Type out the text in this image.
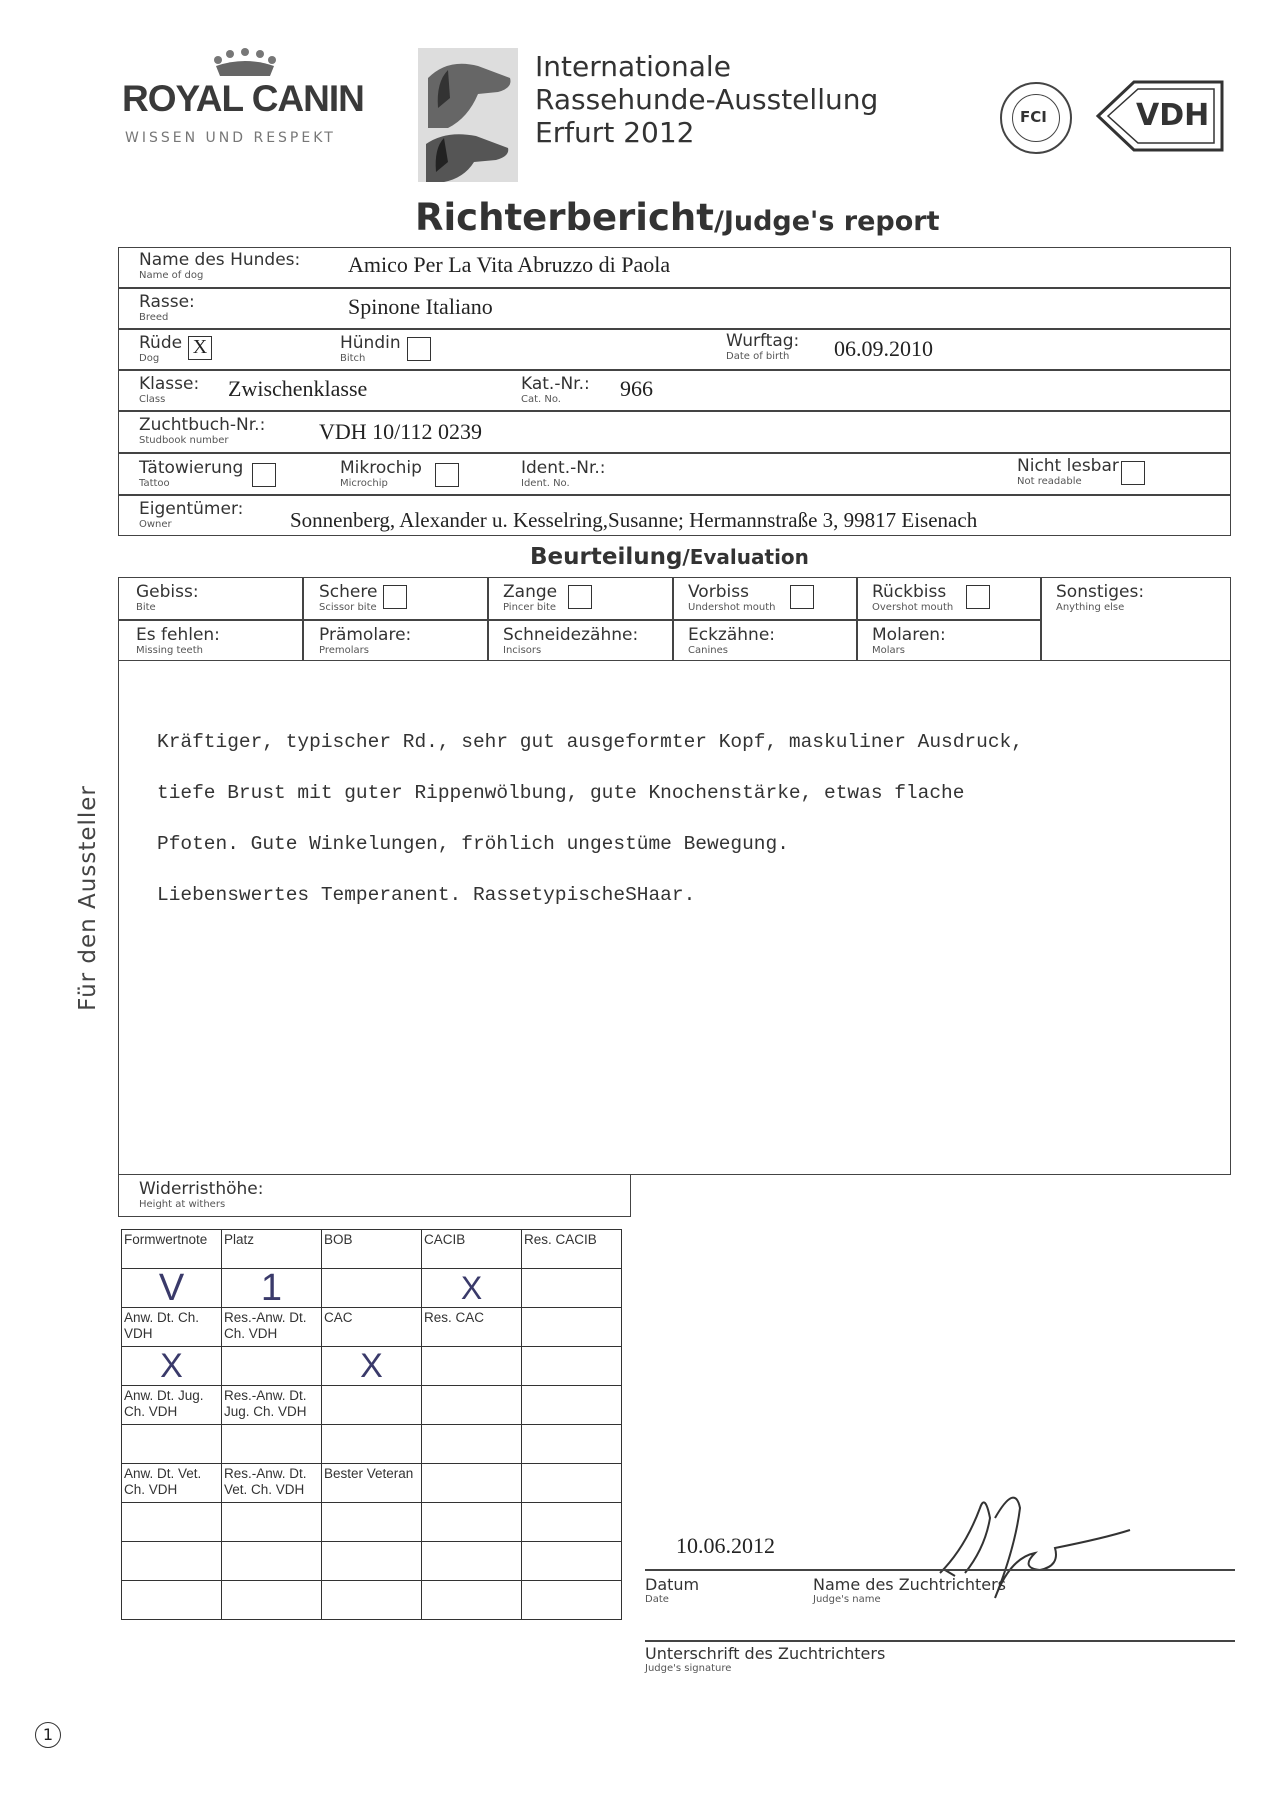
ROYAL CANIN
WISSEN UND RESPEKT
Internationale
Rassehunde-Ausstellung
Erfurt 2012	FCI	VDH
Richterbericht/Judge's report
Name des Hundes:
Name of dog	Amico Per La Vita Abruzzo di Paola
Rasse:
Breed	Spinone Italiano
Rüde
Dog
X	Hündin
Bitch
Wurftag:
Date of birth	06.09.2010
Klasse:
Class	Zwischenklasse	Kat.-Nr.:
Cat. No.	966
Zuchtbuch-Nr.:
Studbook number	VDH 10/112 0239
Tätowierung
Tattoo
Mikrochip
Microchip
Ident.-Nr.:
Ident. No.
Nicht lesbar
Not readable
Eigentümer:
Owner	Sonnenberg, Alexander u. Kesselring,Susanne; Hermannstraße 3, 99817 Eisenach
Beurteilung/Evaluation
Gebiss:
Bite
Schere
Scissor bite
Zange
Pincer bite
Vorbiss
Undershot mouth
Rückbiss
Overshot mouth
Sonstiges:
Anything else
Es fehlen:
Missing teeth
Prämolare:
Premolars
Schneidezähne:
Incisors
Eckzähne:
Canines
Molaren:
Molars

Kräftiger, typischer Rd., sehr gut ausgeformter Kopf, maskuliner Ausdruck,

tiefe Brust mit guter Rippenwölbung, gute Knochenstärke, etwas flache

Pfoten. Gute Winkelungen, fröhlich ungestüme Bewegung.

Liebenswertes Temperanent. RassetypischeSHaar.

Widerristhöhe:
Height at withers
Formwertnote	Platz	BOB	CACIB	Res. CACIB
V	1		X	
Anw. Dt. Ch. VDH	Res.-Anw. Dt. Ch. VDH	CAC	Res. CAC	
X		X		
Anw. Dt. Jug. Ch. VDH	Res.-Anw. Dt. Jug. Ch. VDH			

Anw. Dt. Vet. Ch. VDH	Res.-Anw. Dt. Vet. Ch. VDH	Bester Veteran		

10.06.2012
Datum
Date
Name des Zuchtrichters
Judge's name
Unterschrift des Zuchtrichters
Judge's signature
Für den Aussteller
1
